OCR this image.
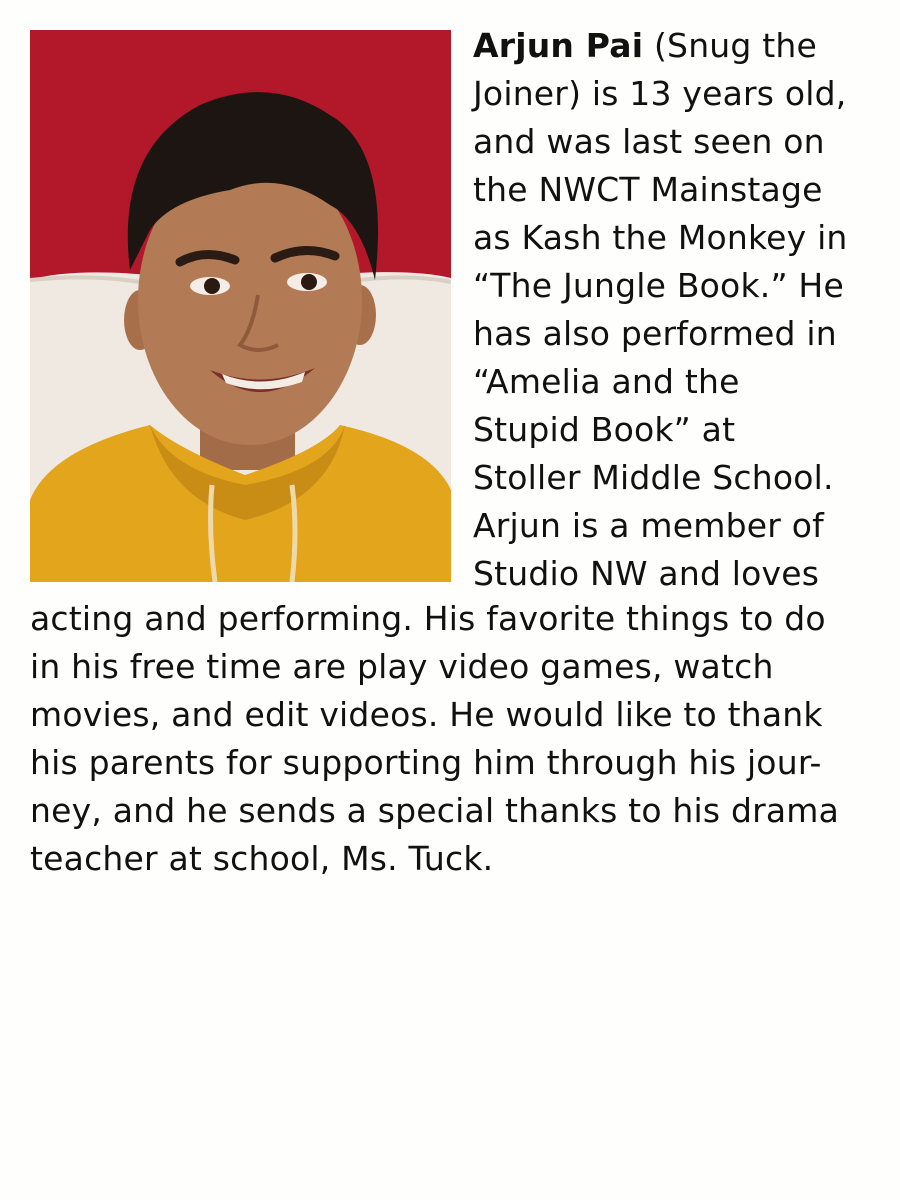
Arjun Pai (Snug the
Joiner) is 13 years old,
and was last seen on
the NWCT Mainstage
as Kash the Monkey in
“The Jungle Book.” He
has also performed in
“Amelia and the
Stupid Book” at
Stoller Middle School.
Arjun is a member of
Studio NW and loves
acting and performing. His favorite things to do
in his free time are play video games, watch
movies, and edit videos. He would like to thank
his parents for supporting him through his jour-
ney, and he sends a special thanks to his drama
teacher at school, Ms. Tuck.
